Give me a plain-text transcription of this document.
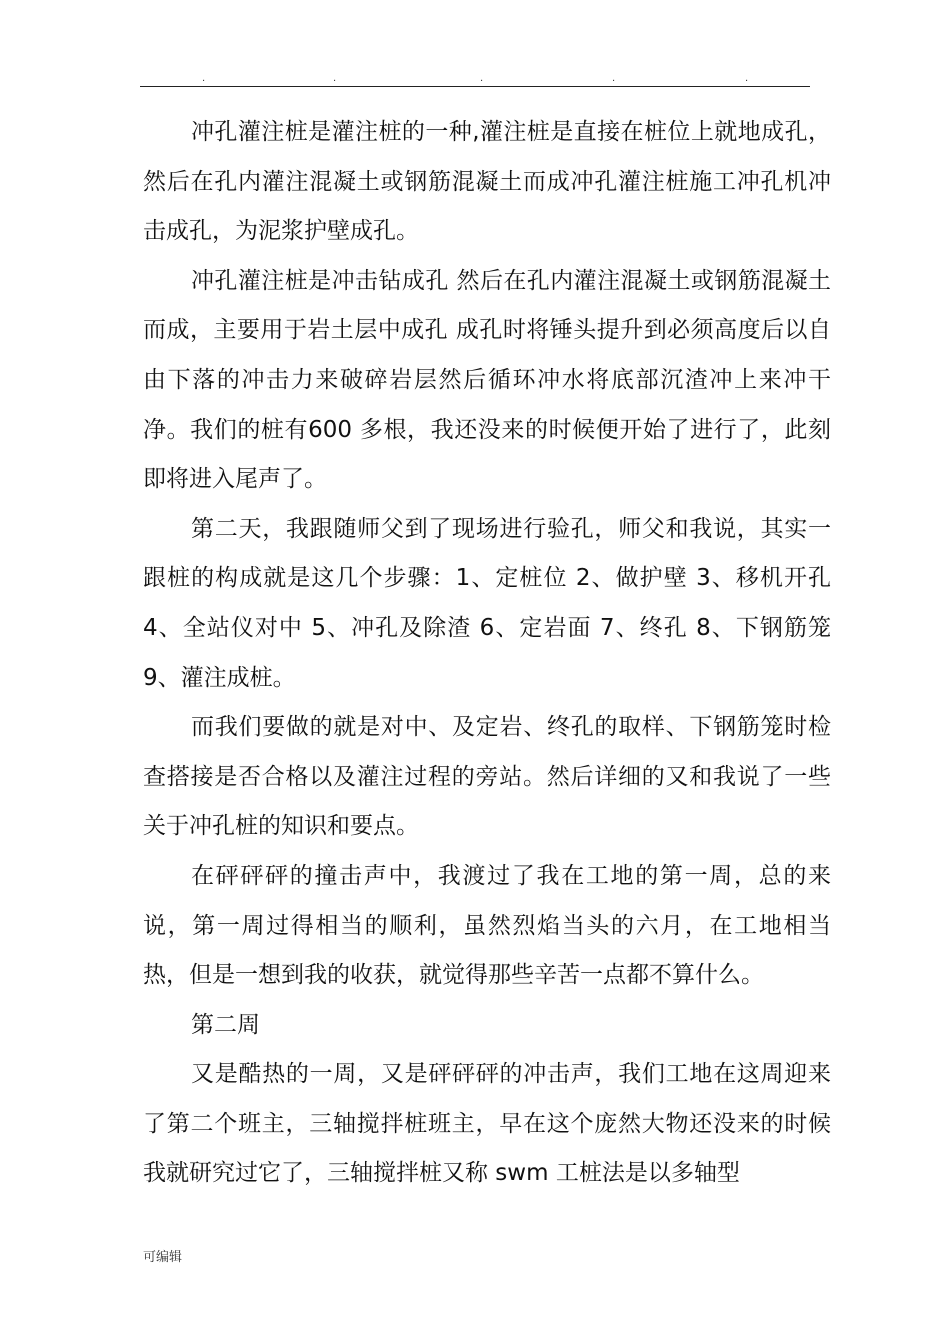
.	.	.	.	.

冲孔灌注桩是灌注桩的一种,灌注桩是直接在桩位上就地成孔，然后在孔内灌注混凝土或钢筋混凝土而成冲孔灌注桩施工冲孔机冲击成孔，为泥浆护壁成孔。

冲孔灌注桩是冲击钻成孔 然后在孔内灌注混凝土或钢筋混凝土而成，主要用于岩土层中成孔 成孔时将锤头提升到必须高度后以自由下落的冲击力来破碎岩层然后循环冲水将底部沉渣冲上来冲干净。我们的桩有600 多根，我还没来的时候便开始了进行了，此刻即将进入尾声了。

第二天，我跟随师父到了现场进行验孔，师父和我说，其实一跟桩的构成就是这几个步骤：1、定桩位 2、做护壁 3、移机开孔 4、全站仪对中 5、冲孔及除渣 6、定岩面 7、终孔 8、下钢筋笼 9、灌注成桩。

而我们要做的就是对中、及定岩、终孔的取样、下钢筋笼时检查搭接是否合格以及灌注过程的旁站。然后详细的又和我说了一些关于冲孔桩的知识和要点。

在砰砰砰的撞击声中，我渡过了我在工地的第一周，总的来说，第一周过得相当的顺利，虽然烈焰当头的六月，在工地相当热，但是一想到我的收获，就觉得那些辛苦一点都不算什么。

第二周

又是酷热的一周，又是砰砰砰的冲击声，我们工地在这周迎来了第二个班主，三轴搅拌桩班主，早在这个庞然大物还没来的时候我就研究过它了，三轴搅拌桩又称 swm 工桩法是以多轴型

可编辑
